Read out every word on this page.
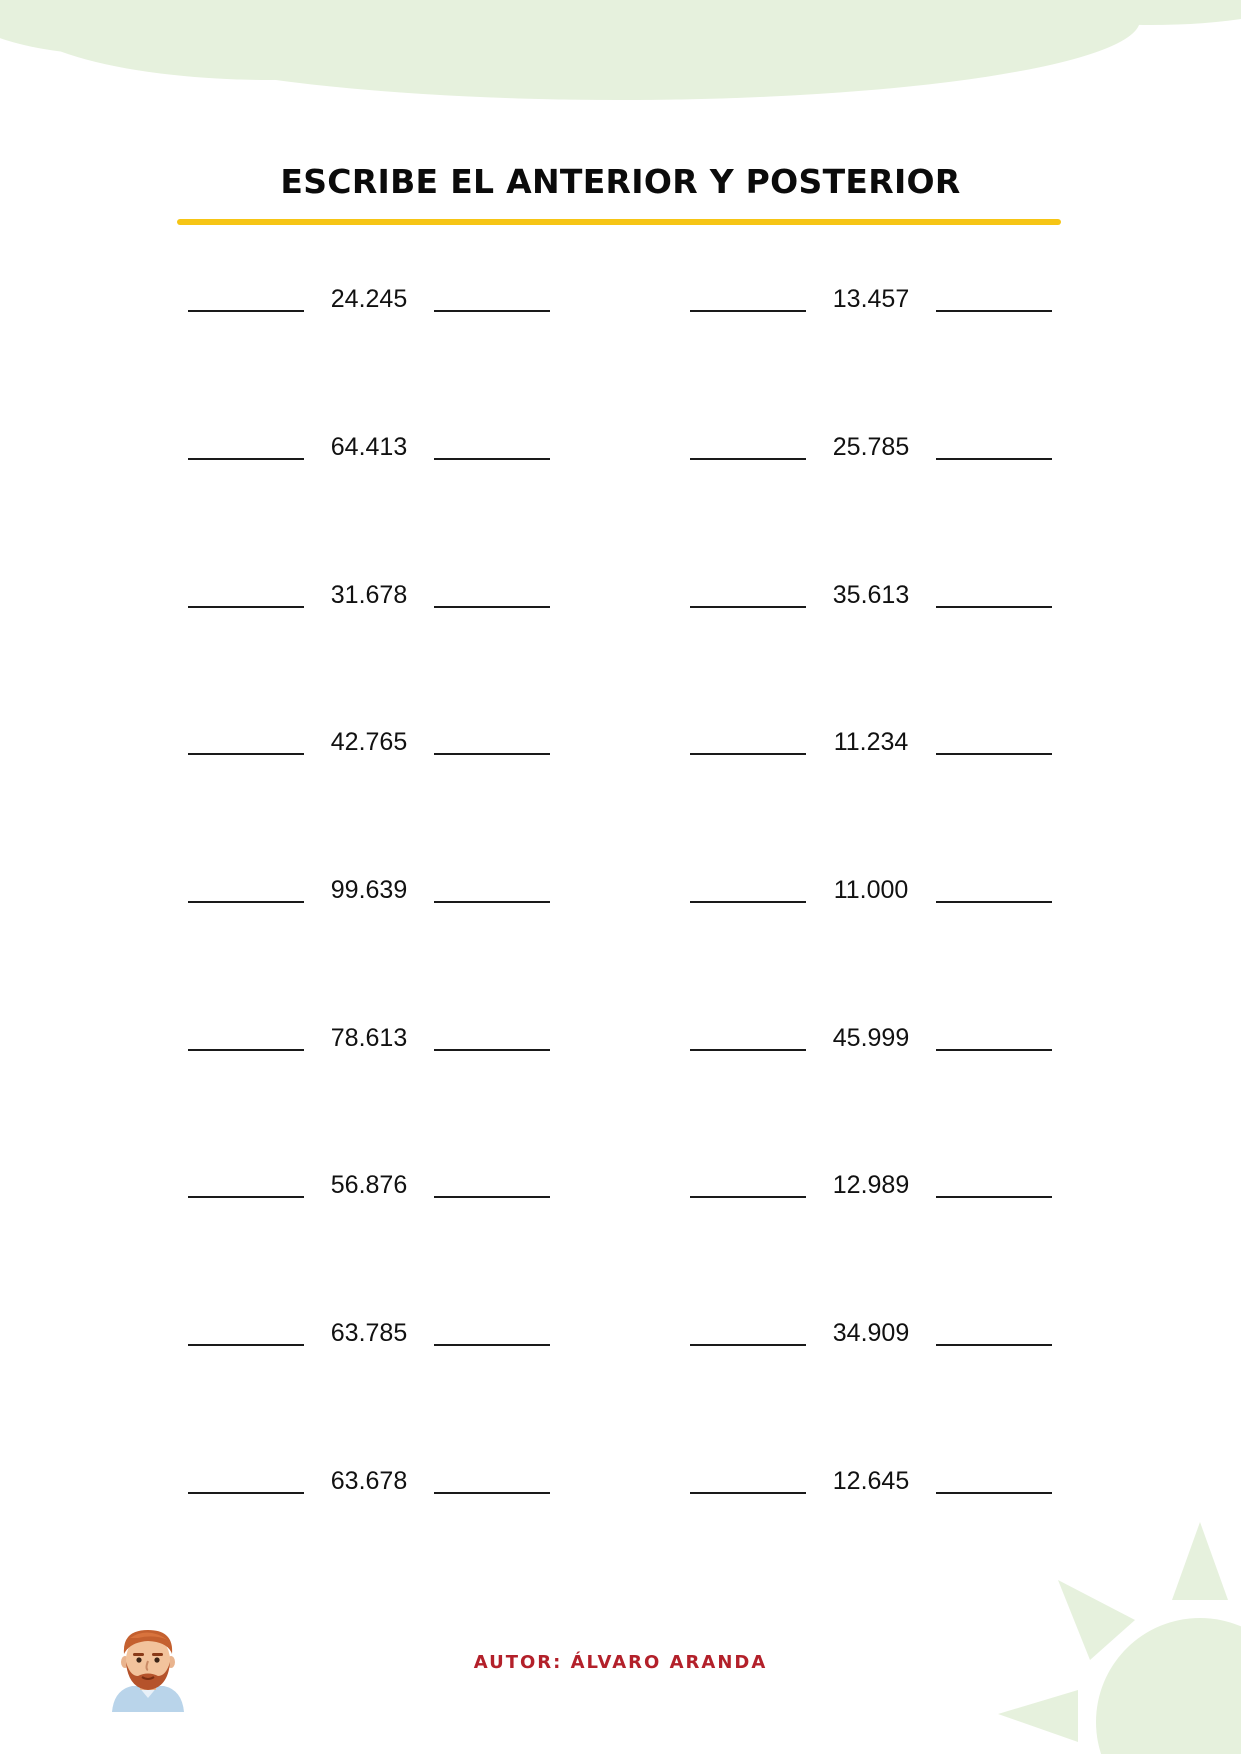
ESCRIBE EL ANTERIOR Y POSTERIOR
24.245
64.413
31.678
42.765
99.639
78.613
56.876
63.785
63.678
13.457
25.785
35.613
11.234
11.000
45.999
12.989
34.909
12.645
AUTOR: ÁLVARO ARANDA
